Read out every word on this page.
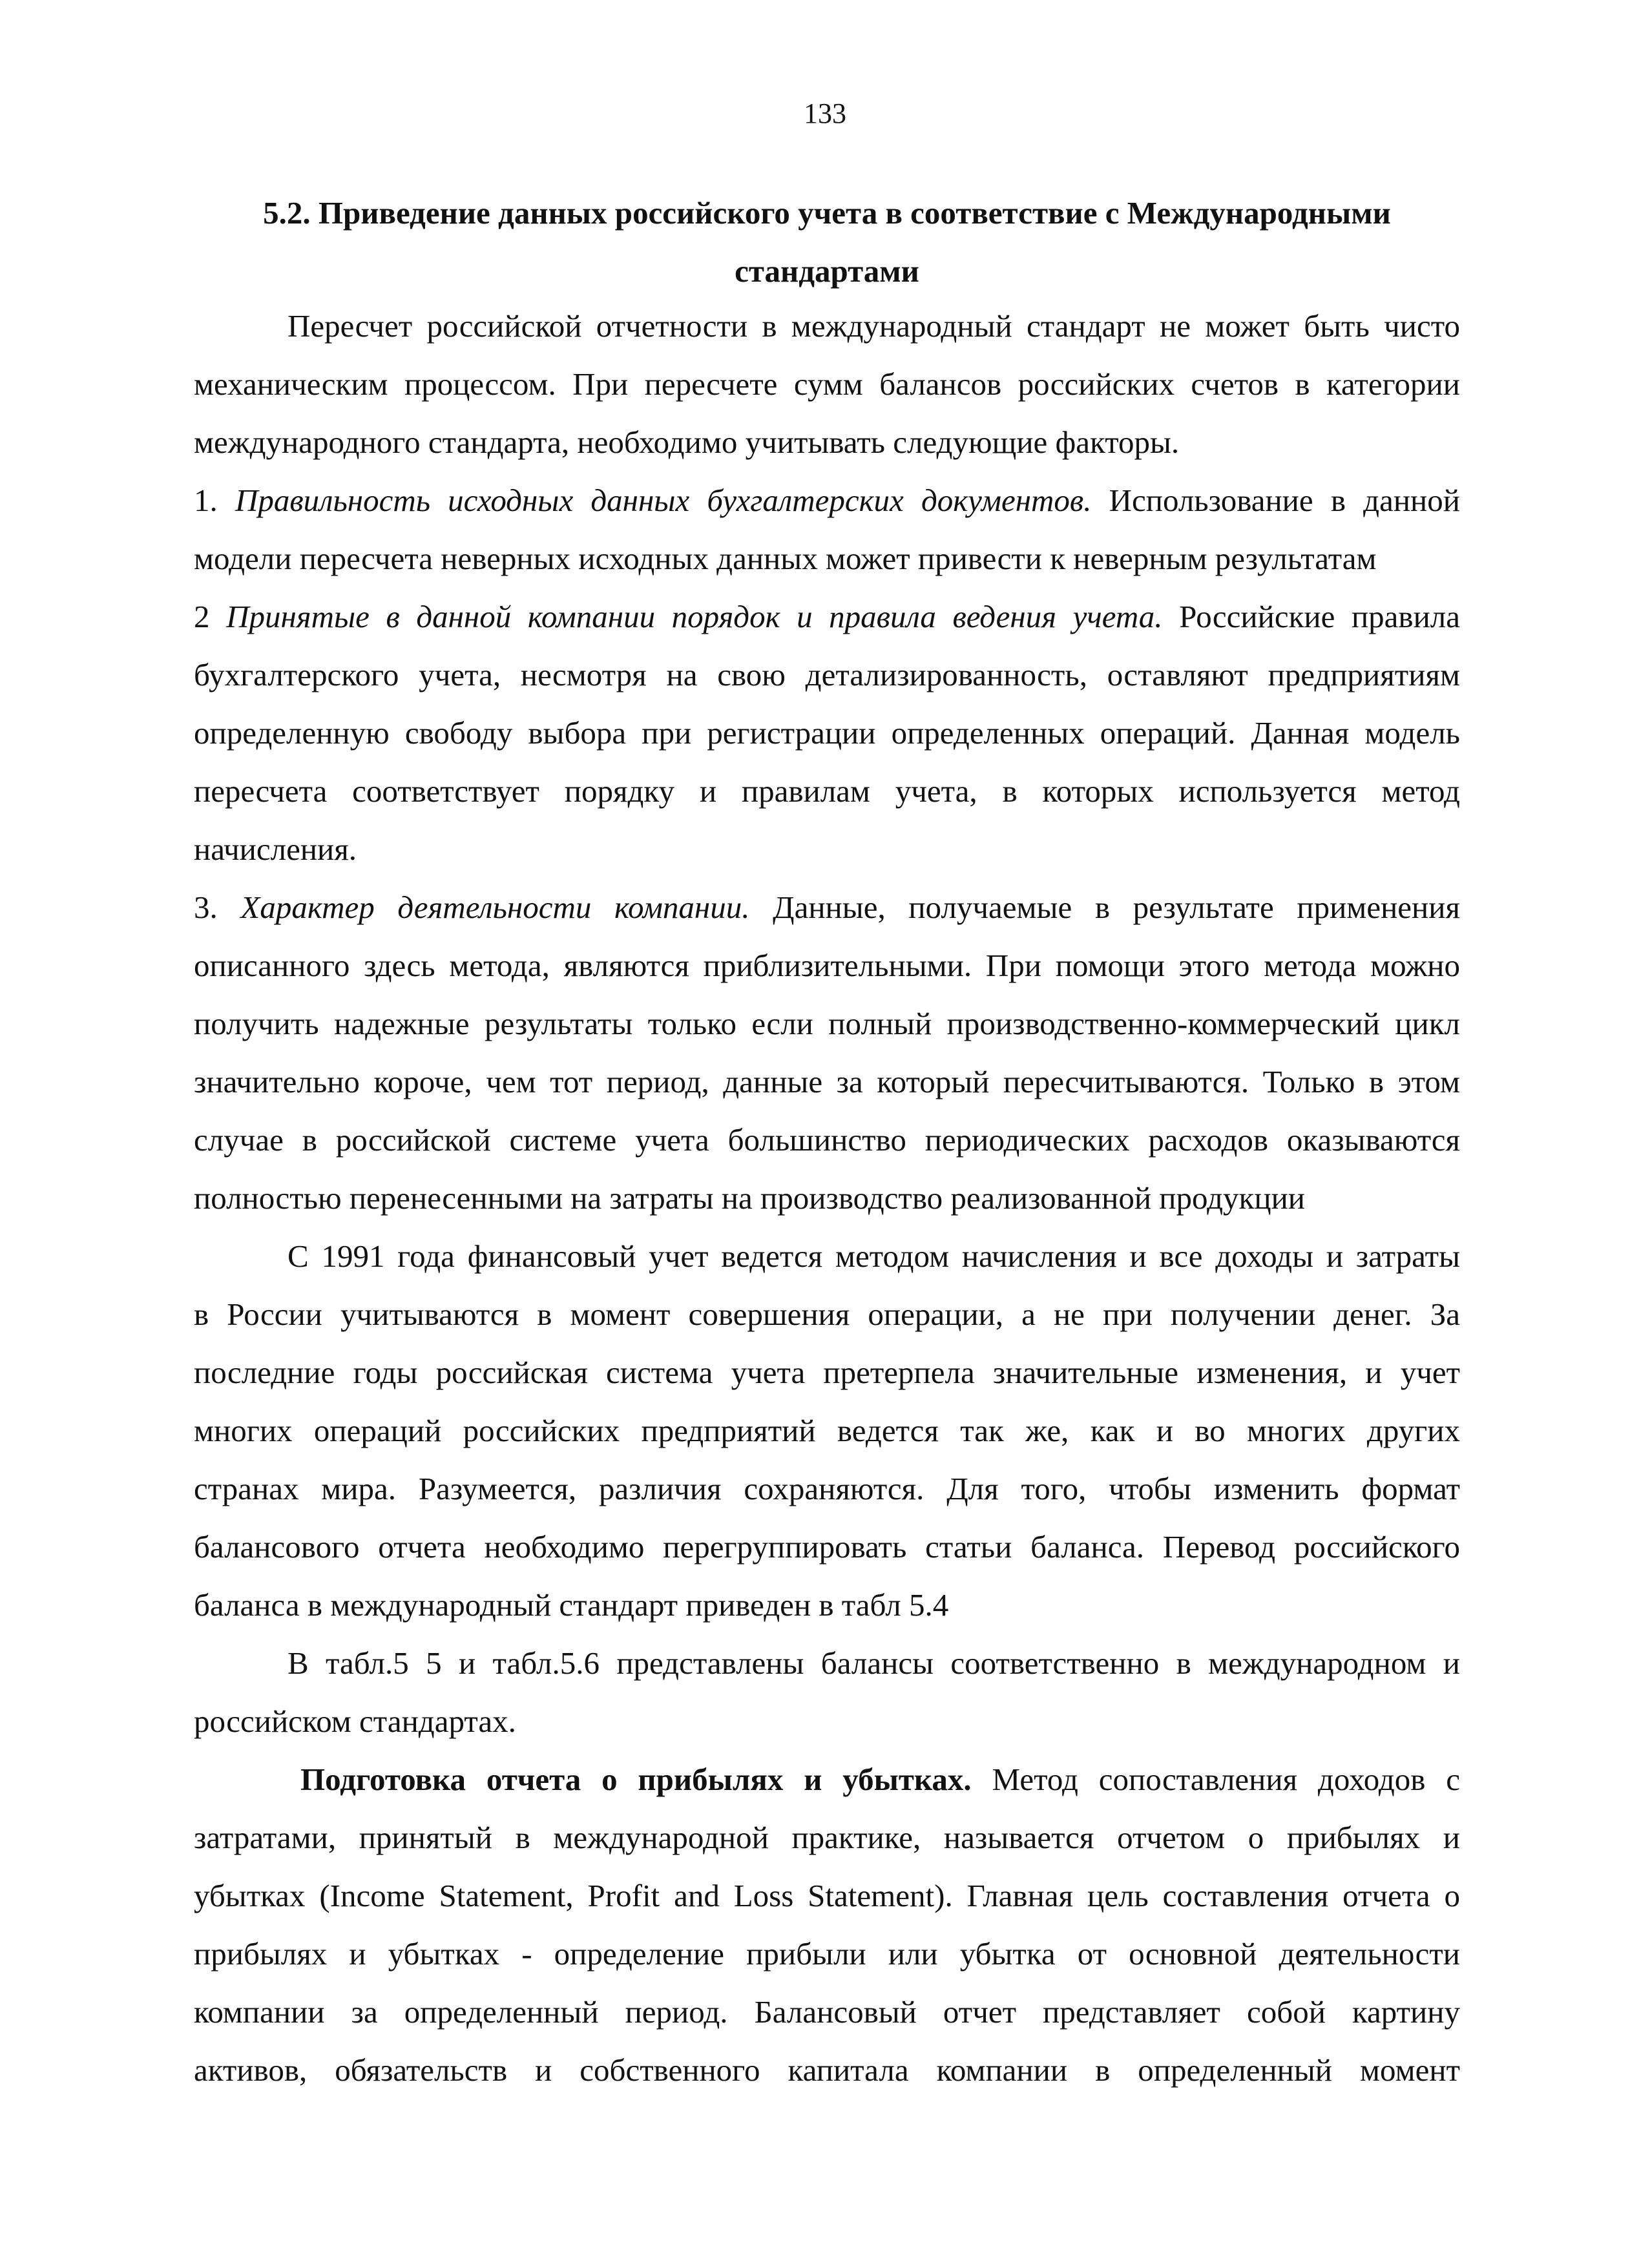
133
5.2. Приведение данных российского учета в соответствие с Международными
стандартами
Пересчет российской отчетности в международный стандарт не может быть чисто
механическим процессом. При пересчете сумм балансов российских счетов в категории
международного стандарта, необходимо учитывать следующие факторы.
1. Правильность исходных данных бухгалтерских документов. Использование в данной
модели пересчета неверных исходных данных может привести к неверным результатам
2 Принятые в данной компании порядок и правила ведения учета. Российские правила
бухгалтерского учета, несмотря на свою детализированность, оставляют предприятиям
определенную свободу выбора при регистрации определенных операций. Данная модель
пересчета соответствует порядку и правилам учета, в которых используется метод
начисления.
3. Характер деятельности компании. Данные, получаемые в результате применения
описанного здесь метода, являются приблизительными. При помощи этого метода можно
получить надежные результаты только если полный производственно-коммерческий цикл
значительно короче, чем тот период, данные за который пересчитываются. Только в этом
случае в российской системе учета большинство периодических расходов оказываются
полностью перенесенными на затраты на производство реализованной продукции
С 1991 года финансовый учет ведется методом начисления и все доходы и затраты
в России учитываются в момент совершения операции, а не при получении денег. За
последние годы российская система учета претерпела значительные изменения, и учет
многих операций российских предприятий ведется так же, как и во многих других
странах мира. Разумеется, различия сохраняются. Для того, чтобы изменить формат
балансового отчета необходимо перегруппировать статьи баланса. Перевод российского
баланса в международный стандарт приведен в табл 5.4
В табл.5 5 и табл.5.6 представлены балансы соответственно в международном и
российском стандартах.
Подготовка отчета о прибылях и убытках. Метод сопоставления доходов с
затратами, принятый в международной практике, называется отчетом о прибылях и
убытках (Income Statement, Profit and Loss Statement). Главная цель составления отчета о
прибылях и убытках - определение прибыли или убытка от основной деятельности
компании за определенный период. Балансовый отчет представляет собой картину
активов, обязательств и собственного капитала компании в определенный момент
